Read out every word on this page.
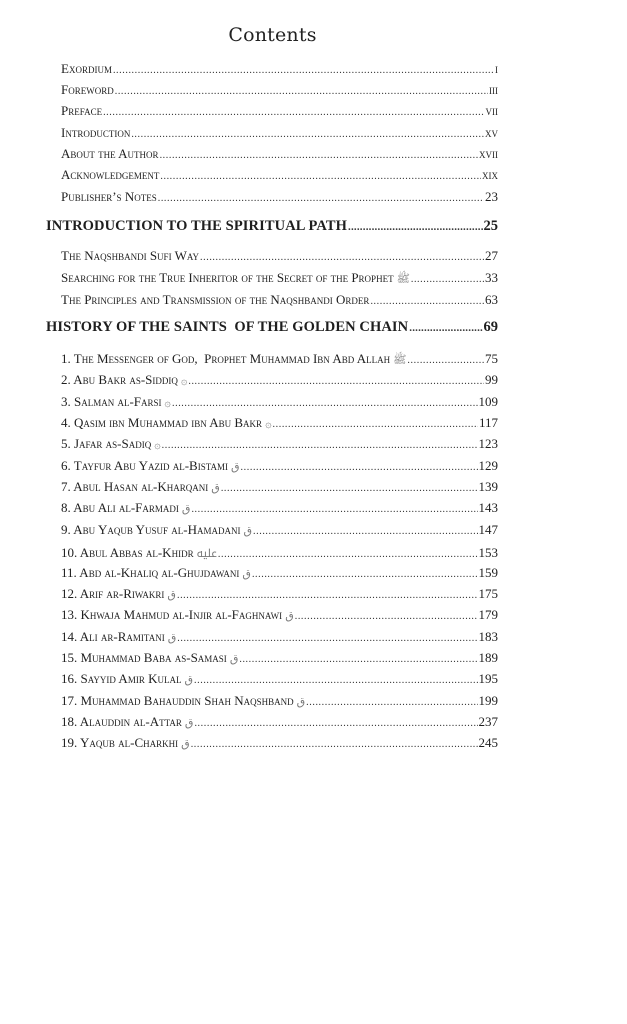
Contents
Exordium .....	i
Foreword .....	iii
Preface .....	vii
Introduction .....	xv
About the Author .....	xvii
Acknowledgement .....	xix
Publisher’s Notes .....	23
INTRODUCTION TO THE SPIRITUAL PATH .....	25
The Naqshbandi Sufi Way .....	27
Searching for the True Inheritor of the Secret of the Prophet ﷺ .....	33
The Principles and Transmission of the Naqshbandi Order .....	63
HISTORY OF THE SAINTS  OF THE GOLDEN CHAIN .....	69
1. The Messenger of God,  Prophet Muhammad Ibn Abd Allah ﷺ .....	75
2. Abu Bakr as-Siddiq ۞ .....	99
3. Salman al-Farsi ۞ .....	109
4. Qasim ibn Muhammad ibn Abu Bakr ۞ .....	117
5. Jafar as-Sadiq ۞ .....	123
6. Tayfur Abu Yazid al-Bistami ق .....	129
7. Abul Hasan al-Kharqani ق .....	139
8. Abu Ali al-Farmadi ق .....	143
9. Abu Yaqub Yusuf al-Hamadani ق .....	147
10. Abul Abbas al-Khidr ﷷ .....	153
11. Abd al-Khaliq al-Ghujdawani ق .....	159
12. Arif ar-Riwakri ق .....	175
13. Khwaja Mahmud al-Injir al-Faghnawi ق .....	179
14. Ali ar-Ramitani ق .....	183
15. Muhammad Baba as-Samasi ق .....	189
16. Sayyid Amir Kulal ق .....	195
17. Muhammad Bahauddin Shah Naqshband ق .....	199
18. Alauddin al-Attar ق .....	237
19. Yaqub al-Charkhi ق .....	245
